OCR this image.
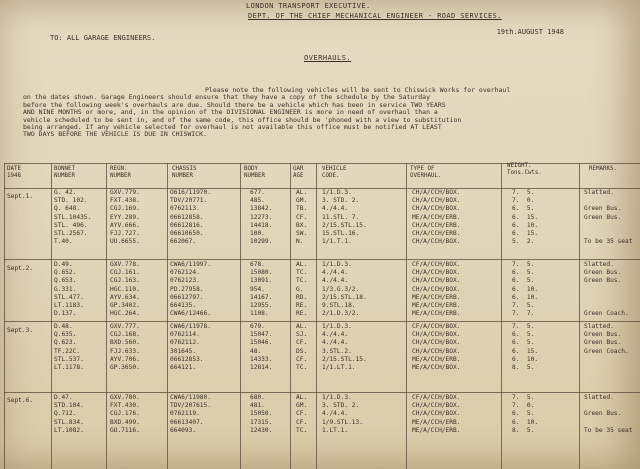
LONDON TRANSPORT EXECUTIVE.
DEPT. OF THE CHIEF MECHANICAL ENGINEER - ROAD SERVICES.
19th.AUGUST 1948
TO: ALL GARAGE ENGINEERS.
OVERHAULS.

Please note the following vehicles will be sent to Chiswick Works for overhaul

on the dates shown. Garage Engineers should ensure that they have a copy of the schedule by the Saturday

before the following week's overhauls are due. Should there be a vehicle which has been in service TWO YEARS

AND NINE MONTHS or more, and, in the opinion of the DIVISIONAL ENGINEER is more in need of overhaul than a

vehicle scheduled to be sent in, and of the same code, this office should be 'phoned with a view to substitution

being arranged. If any vehicle selected for overhaul is not available this office must be notified AT LEAST

TWO DAYS BEFORE THE VEHICLE IS DUE IN CHISWICK.

DATE
1948
BONNET
NUMBER
REGN.
NUMBER
CHASSIS
NUMBER
BODY
NUMBER
GAR
AGE
VEHICLE
CODE.
TYPE OF
OVERHAUL.
WEIGHT.
Tons.Cwts.
REMARKS.
Sept.1.
G. 42.
STD. 102.
Q. 648.
STL.10435.
STL. 496.
STL.2567.
T.40.
GXV.779.
FXT.438.
CGJ.169.
EYY.289.
AYV.666.
FJJ.727.
UU.6655.
O616/11970.
TDV/20771.
0762113.
06612858.
06612816.
06610650.
662067.
677.
485.
13842.
12273.
14418.
100.
10299.
AL.
GM.
TB.
CF.
BX.
SW.
N.
1/1.D.3.
3. STD. 2.
4./4.4.
11.STL. 7.
2/15.STL.15.
15.STL.16.
1/1.T.1.
CH/A/CCH/BOX.
CH/A/CCH/BOX.
CH/A/CCH/BOX.
ME/A/CCH/ERB.
CH/A/CCH/ERB.
CH/A/CCH/ERB.
CH/A/CCH/BOX.
7.  5.
7.  0.
6.  5.
6.  15.
6.  10.
6.  15.
5.  2.
Slatted.

Green Bus.
Green Bus.

To be 35 seat
Sept.2.
D.49.
Q.652.
Q.653.
G.331.
STL.477.
LT.1183.
D.137.
GXV.778.
CGJ.161.
CGJ.163.
HGC.110.
AYV.634.
GP.3402.
HGC.264.
CWA6/11997.
0762124.
0762123.
PD.27958.
06612797.
664135.
CWA6/12466.
678.
15080.
13091.
954.
14167.
12955.
1108.
AL.
TC.
TC.
G.
RD.
RE.
RE.
1/1.D.3.
4./4.4.
4./4.4.
1/3.G.3/2.
2/15.STL.18.
9.STL.18.
2/1.D.3/2.
CF/A/CCH/BOX.
CH/A/CCH/BOX.
CH/A/CCH/BOX.
CH/A/CCH/BOX.
ME/A/CCH/ERB.
ME/A/CCH/ERB.
ME/A/CCH/ERB.
7.  5.
6.  5.
6.  5.
6.  10.
6.  10.
7.  5.
7.  7.
Slatted.
Green Bus.
Green Bus.

Green Coach.
Sept.3.
D.48.
Q.635.
Q.623.
TF.22C.
STL.537.
LT.1178.
GXV.777.
CGJ.168.
BXD.560.
FJJ.633.
AYV.706.
GP.3650.
CWA6/11978.
0762114.
0762112.
301645.
06612853.
664121.
679.
15047.
15046.
48.
14333.
12814.
AL.
SJ.
CF.
DS.
CF.
TC.
1/1.D.3.
4./4.4.
4./4.4.
3.STL.2.
2/15.STL.15.
1/1.LT.1.
CF/A/CCH/BOX.
CH/A/CCH/BOX.
CH/A/CCH/BOX.
CH/A/CCH/BOX.
ME/A/CCH/ERB.
ME/A/CCH/BOX.
7.  5.
6.  5.
6.  5.
6.  15.
6.  10.
8.  5.
Slatted.
Green Bus.
Green Bus.
Green Coach.
Sept.6.	D.47.
STD.104.
Q.712.
STL.834.
LT.1082.
GXV.780.
FXT.430.
CGJ.176.
BXD.499.
GO.7116.
CWA6/11980.
TDV/207615.
0762119.
06613407.
664093.
680.
481.
15050.
17315.
12430.
AL.
GM.
CF.
CF.
TC.
1/1.D.3.
3. STD. 2.
4./4.4.
1/9.STL.13.
1.LT.1.
CF/A/CCH/BOX.
CH/A/CCH/BOX.
CH/A/CCH/BOX.
ME/A/CCH/ERB.
ME/A/CCH/ERB.
7.  5.
7.  0.
6.  5.
6.  10.
8.  5.
Slatted.

Green Bus.

To be 35 seat
